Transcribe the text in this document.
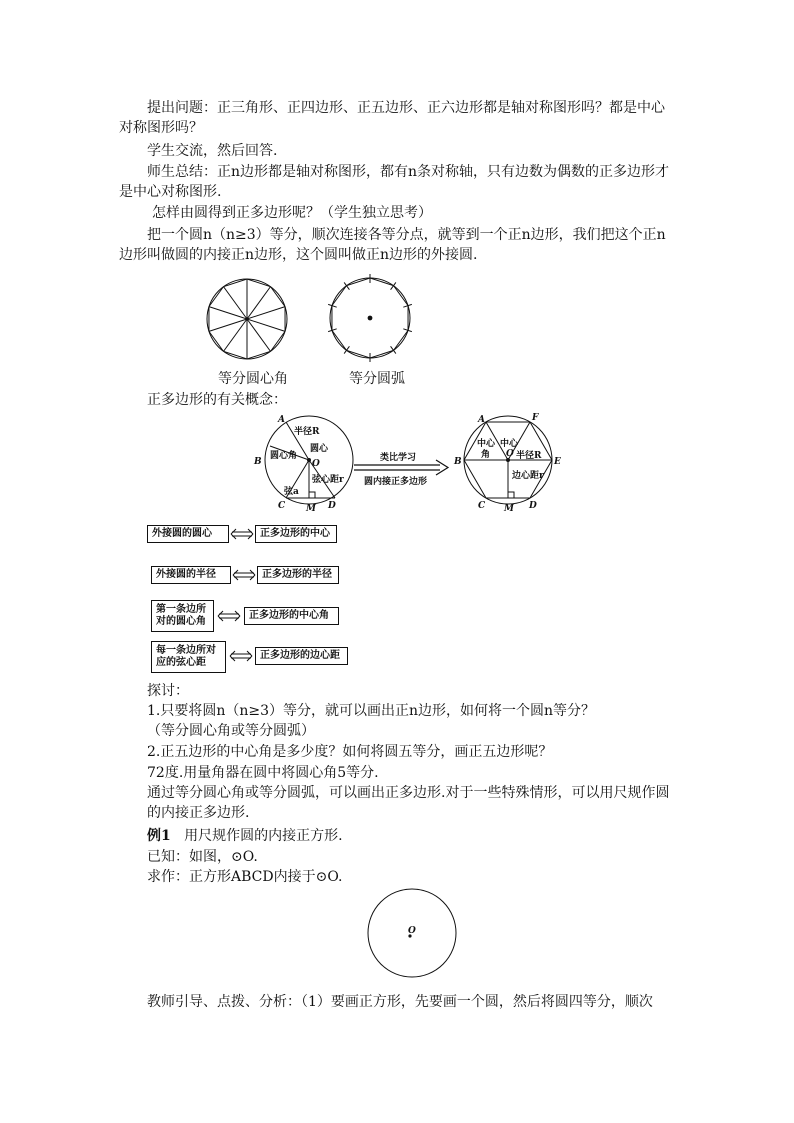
提出问题：正三角形、正四边形、正五边形、正六边形都是轴对称图形吗？都是中心
对称图形吗？
学生交流，然后回答.
师生总结：正n边形都是轴对称图形，都有n条对称轴，只有边数为偶数的正多边形才
是中心对称图形.
怎样由圆得到正多边形呢？（学生独立思考）
把一个圆n（n≥3）等分，顺次连接各等分点，就等到一个正n边形，我们把这个正n
边形叫做圆的内接正n边形，这个圆叫做正n边形的外接圆.
等分圆心角	等分圆弧
正多边形的有关概念：
A
B
C M D
O
半径R
圆心
圆心角
弦a
弦心距r
类比学习
圆内接正多边形
A	F
B	E
C M D
O
中心
角
中心
半径R
边心距r
外接圆的圆心	正多边形的中心
外接圆的半径	正多边形的半径
第一条边所对的圆心角
正多边形的中心角
每一条边所对应的弦心距
正多边形的边心距
探讨：
1.只要将圆n（n≥3）等分，就可以画出正n边形，如何将一个圆n等分？
（等分圆心角或等分圆弧）
2.正五边形的中心角是多少度？如何将圆五等分，画正五边形呢？
72度.用量角器在圆中将圆心角5等分.
通过等分圆心角或等分圆弧，可以画出正多边形.对于一些特殊情形，可以用尺规作圆
的内接正多边形.
例1 用尺规作圆的内接正方形.
已知：如图，⊙O.
求作：正方形ABCD内接于⊙O.
O
教师引导、点拨、分析：（1）要画正方形，先要画一个圆，然后将圆四等分，顺次
